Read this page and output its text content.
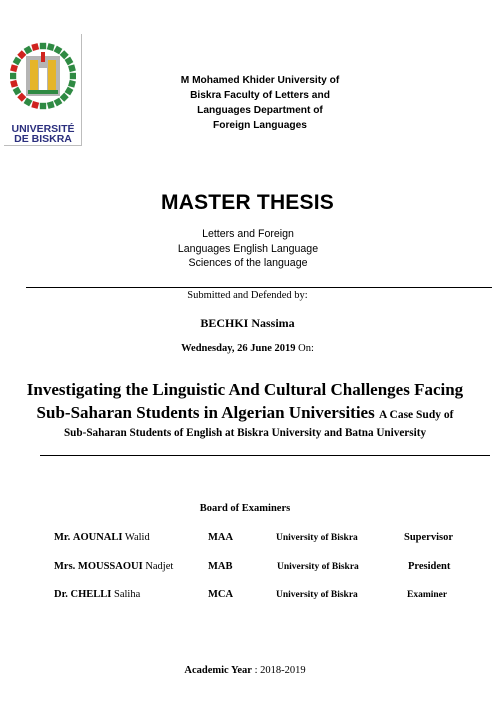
UNIVERSITÉ
DE BISKRA
M Mohamed Khider University of
Biskra Faculty of Letters and
Languages Department of
Foreign Languages
MASTER THESIS
Letters and Foreign
Languages English Language
Sciences of the language
Submitted and Defended by:
BECHKI Nassima
Wednesday, 26 June 2019 On:
Investigating the Linguistic And Cultural Challenges Facing
Sub-Saharan Students in Algerian Universities A Case Sudy of
Sub-Saharan Students of English at Biskra University and Batna University
Board of Examiners
Mr. AOUNALI Walid	MAA	University of Biskra	Supervisor
Mrs. MOUSSAOUI Nadjet	MAB	University of Biskra	President
Dr. CHELLI Saliha	MCA	University of Biskra	Examiner
Academic Year : 2018-2019
